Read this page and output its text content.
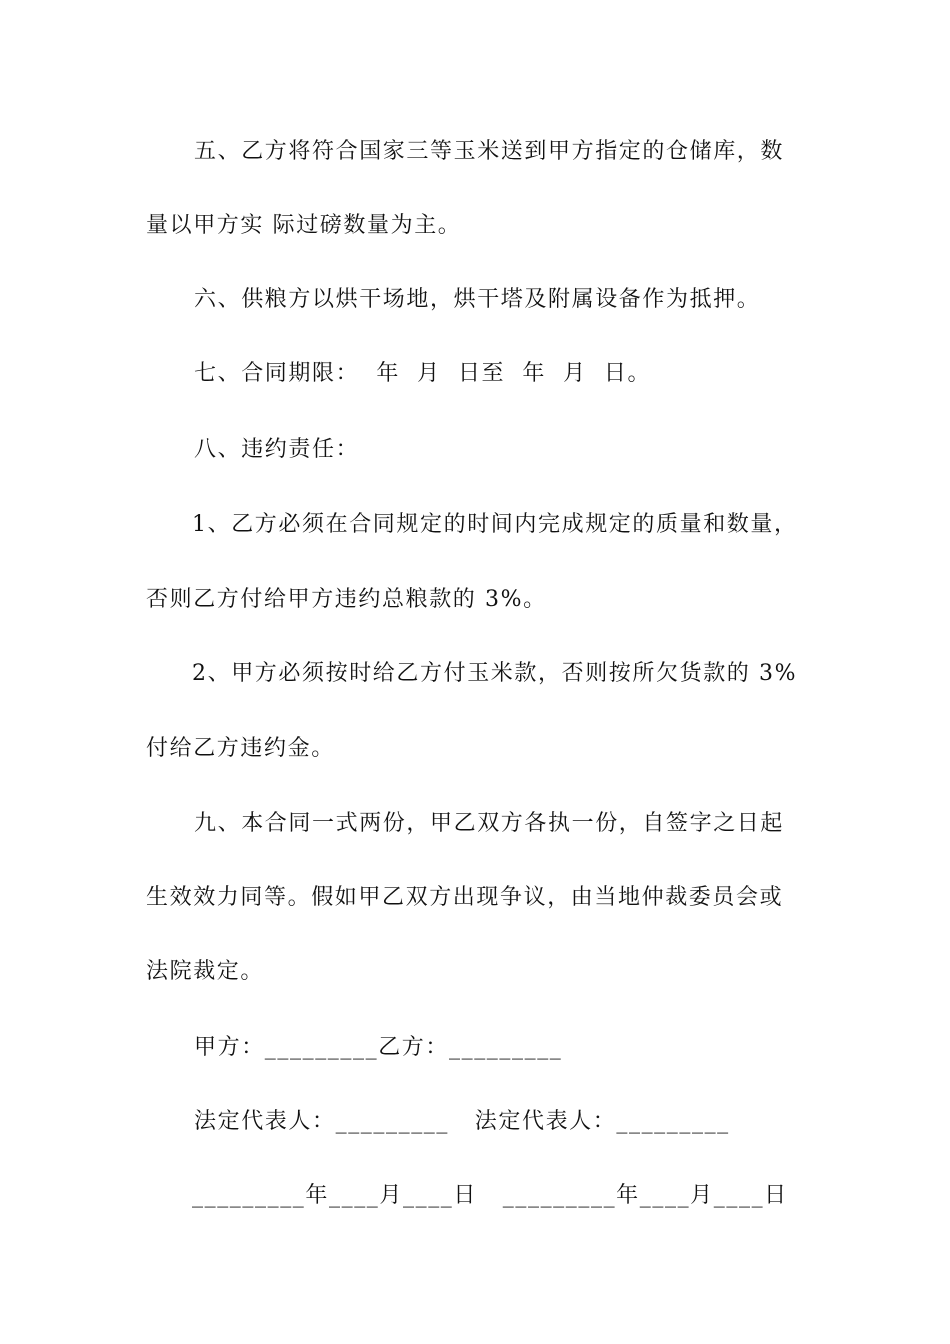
五、乙方将符合国家三等玉米送到甲方指定的仓储库，数
量以甲方实 际过磅数量为主。
六、供粮方以烘干场地，烘干塔及附属设备作为抵押。
七、合同期限：  年  月  日至  年  月  日。
八、违约责任：
1、乙方必须在合同规定的时间内完成规定的质量和数量，
否则乙方付给甲方违约总粮款的 3%。
2、甲方必须按时给乙方付玉米款，否则按所欠货款的 3%
付给乙方违约金。
九、本合同一式两份，甲乙双方各执一份，自签字之日起
生效效力同等。假如甲乙双方出现争议，由当地仲裁委员会或
法院裁定。
甲方：_________乙方：_________
法定代表人：_________   法定代表人：_________
_________年____月____日   _________年____月____日
